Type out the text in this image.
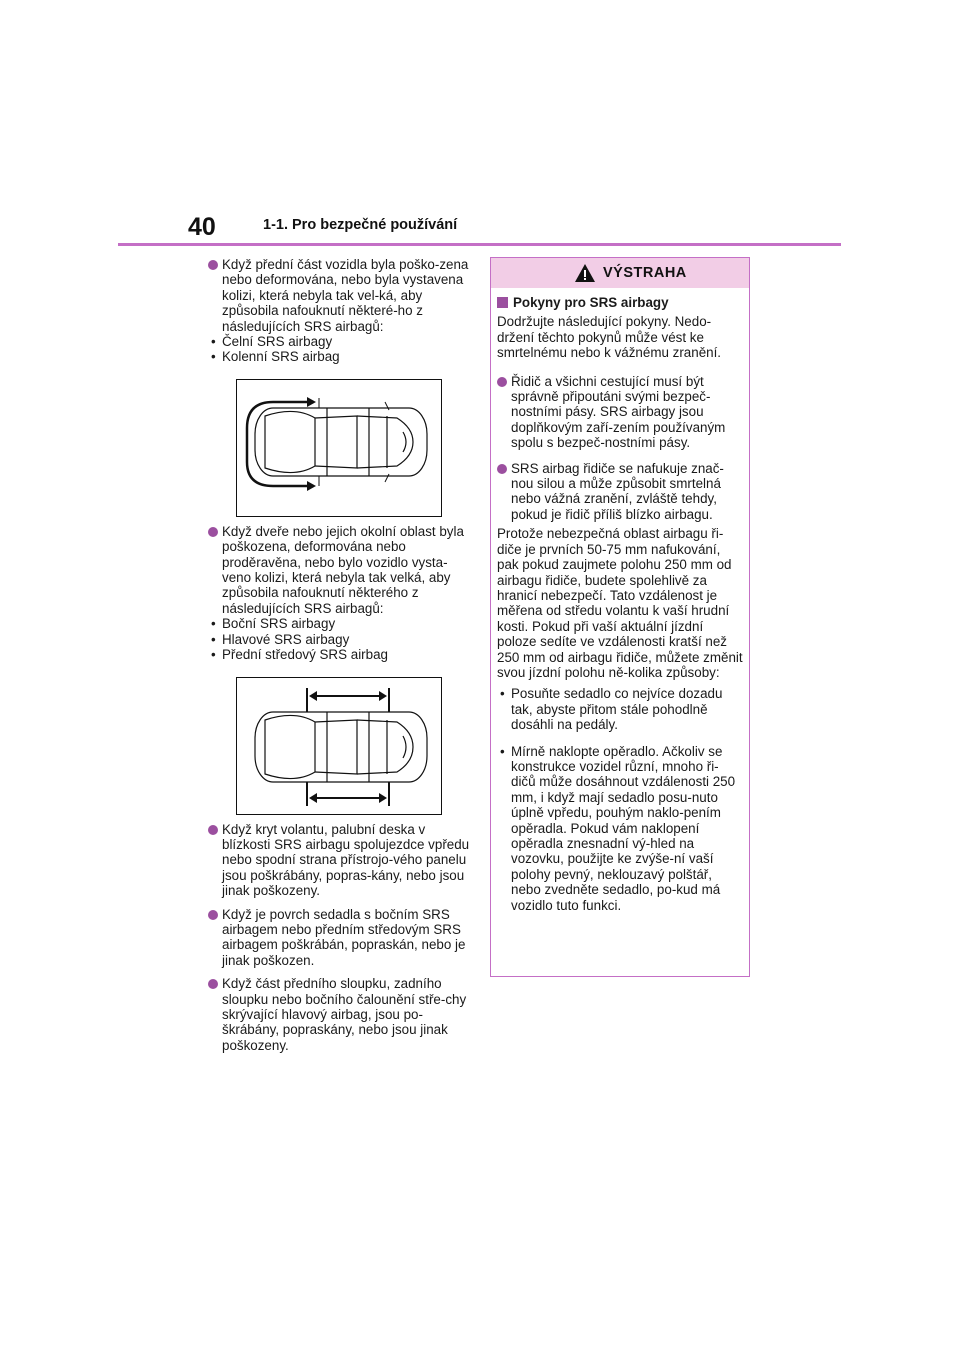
40	1-1. Pro bezpečné používání
Když přední část vozidla byla poško-zena nebo deformována, nebo byla vystavena kolizi, která nebyla tak vel-ká, aby způsobila nafouknutí některé-ho z následujících SRS airbagů:
• Čelní SRS airbagy
• Kolenní SRS airbag
Když dveře nebo jejich okolní oblast byla poškozena, deformována nebo proděravěna, nebo bylo vozidlo vysta-veno kolizi, která nebyla tak velká, aby způsobila nafouknutí některého z následujících SRS airbagů:
• Boční SRS airbagy
• Hlavové SRS airbagy
• Přední středový SRS airbag
Když kryt volantu, palubní deska v blízkosti SRS airbagu spolujezdce vpředu nebo spodní strana přístrojo-vého panelu jsou poškrábány, popras-kány, nebo jsou jinak poškozeny.
Když je povrch sedadla s bočním SRS airbagem nebo předním středovým SRS airbagem poškrábán, popraskán, nebo je jinak poškozen.
Když část předního sloupku, zadního sloupku nebo bočního čalounění stře-chy skrývající hlavový airbag, jsou po-škrábány, popraskány, nebo jsou jinak poškozeny.
VÝSTRAHA
Pokyny pro SRS airbagy
Dodržujte následující pokyny. Nedo-držení těchto pokynů může vést ke smrtelnému nebo k vážnému zranění.
Řidič a všichni cestující musí být správně připoutáni svými bezpeč-nostními pásy. SRS airbagy jsou doplňkovým zaří-zením používaným spolu s bezpeč-nostními pásy.
SRS airbag řidiče se nafukuje znač-nou silou a může způsobit smrtelná nebo vážná zranění, zvláště tehdy, pokud je řidič příliš blízko airbagu.
Protože nebezpečná oblast airbagu ři-diče je prvních 50-75 mm nafukování, pak pokud zaujmete polohu 250 mm od airbagu řidiče, budete spolehlivě za hranicí nebezpečí. Tato vzdálenost je měřena od středu volantu k vaší hrudní kosti. Pokud při vaší aktuální jízdní poloze sedíte ve vzdálenosti kratší než 250 mm od airbagu řidiče, můžete změnit svou jízdní polohu ně-kolika způsoby:
• Posuňte sedadlo co nejvíce dozadu tak, abyste přitom stále pohodlně dosáhli na pedály.
• Mírně naklopte opěradlo. Ačkoliv se konstrukce vozidel různí, mnoho ři-dičů může dosáhnout vzdálenosti 250 mm, i když mají sedadlo posu-nuto úplně vpředu, pouhým naklo-pením opěradla. Pokud vám naklopení opěradla znesnadní vý-hled na vozovku, použijte ke zvýše-ní vaší polohy pevný, neklouzavý polštář, nebo zvedněte sedadlo, po-kud má vozidlo tuto funkci.
